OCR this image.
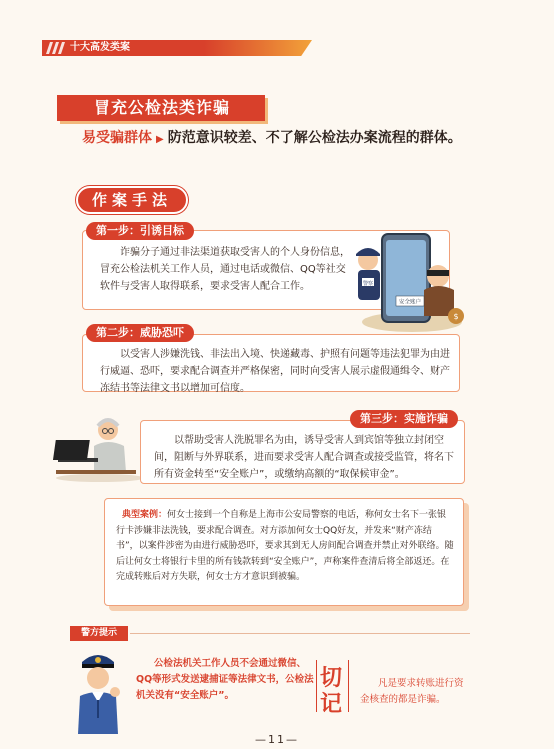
十大高发类案
冒充公检法类诈骗
易受骗群体 ▶ 防范意识较差、不了解公检法办案流程的群体。
作案手法
第一步：引诱目标
诈骗分子通过非法渠道获取受害人的个人身份信息，冒充公检法机关工作人员，通过电话或微信、QQ等社交软件与受害人取得联系，要求受害人配合工作。	警察
$
安全账户
第二步：威胁恐吓
以受害人涉嫌洗钱、非法出入境、快递藏毒、护照有问题等违法犯罪为由进行威逼、恐吓，要求配合调查并严格保密，同时向受害人展示虚假通缉令、财产冻结书等法律文书以增加可信度。
第三步：实施诈骗
以帮助受害人洗脱罪名为由，诱导受害人到宾馆等独立封闭空间，阻断与外界联系，进而要求受害人配合调查或接受监管，将名下所有资金转至“安全账户”，或缴纳高额的“取保候审金”。
典型案例：何女士接到一个自称是上海市公安局警察的电话，称何女士名下一张银行卡涉嫌非法洗钱，要求配合调查。对方添加何女士QQ好友，并发来“财产冻结书”，以案件涉密为由进行威胁恐吓，要求其到无人房间配合调查并禁止对外联络。随后让何女士将银行卡里的所有钱款转到“安全账户”，声称案件查清后将全部返还。在完成转账后对方失联，何女士方才意识到被骗。
警方提示
公检法机关工作人员不会通过微信、QQ等形式发送逮捕证等法律文书，公检法机关没有“安全账户”。
切
记
凡是要求转账进行资金核查的都是诈骗。
—11—
